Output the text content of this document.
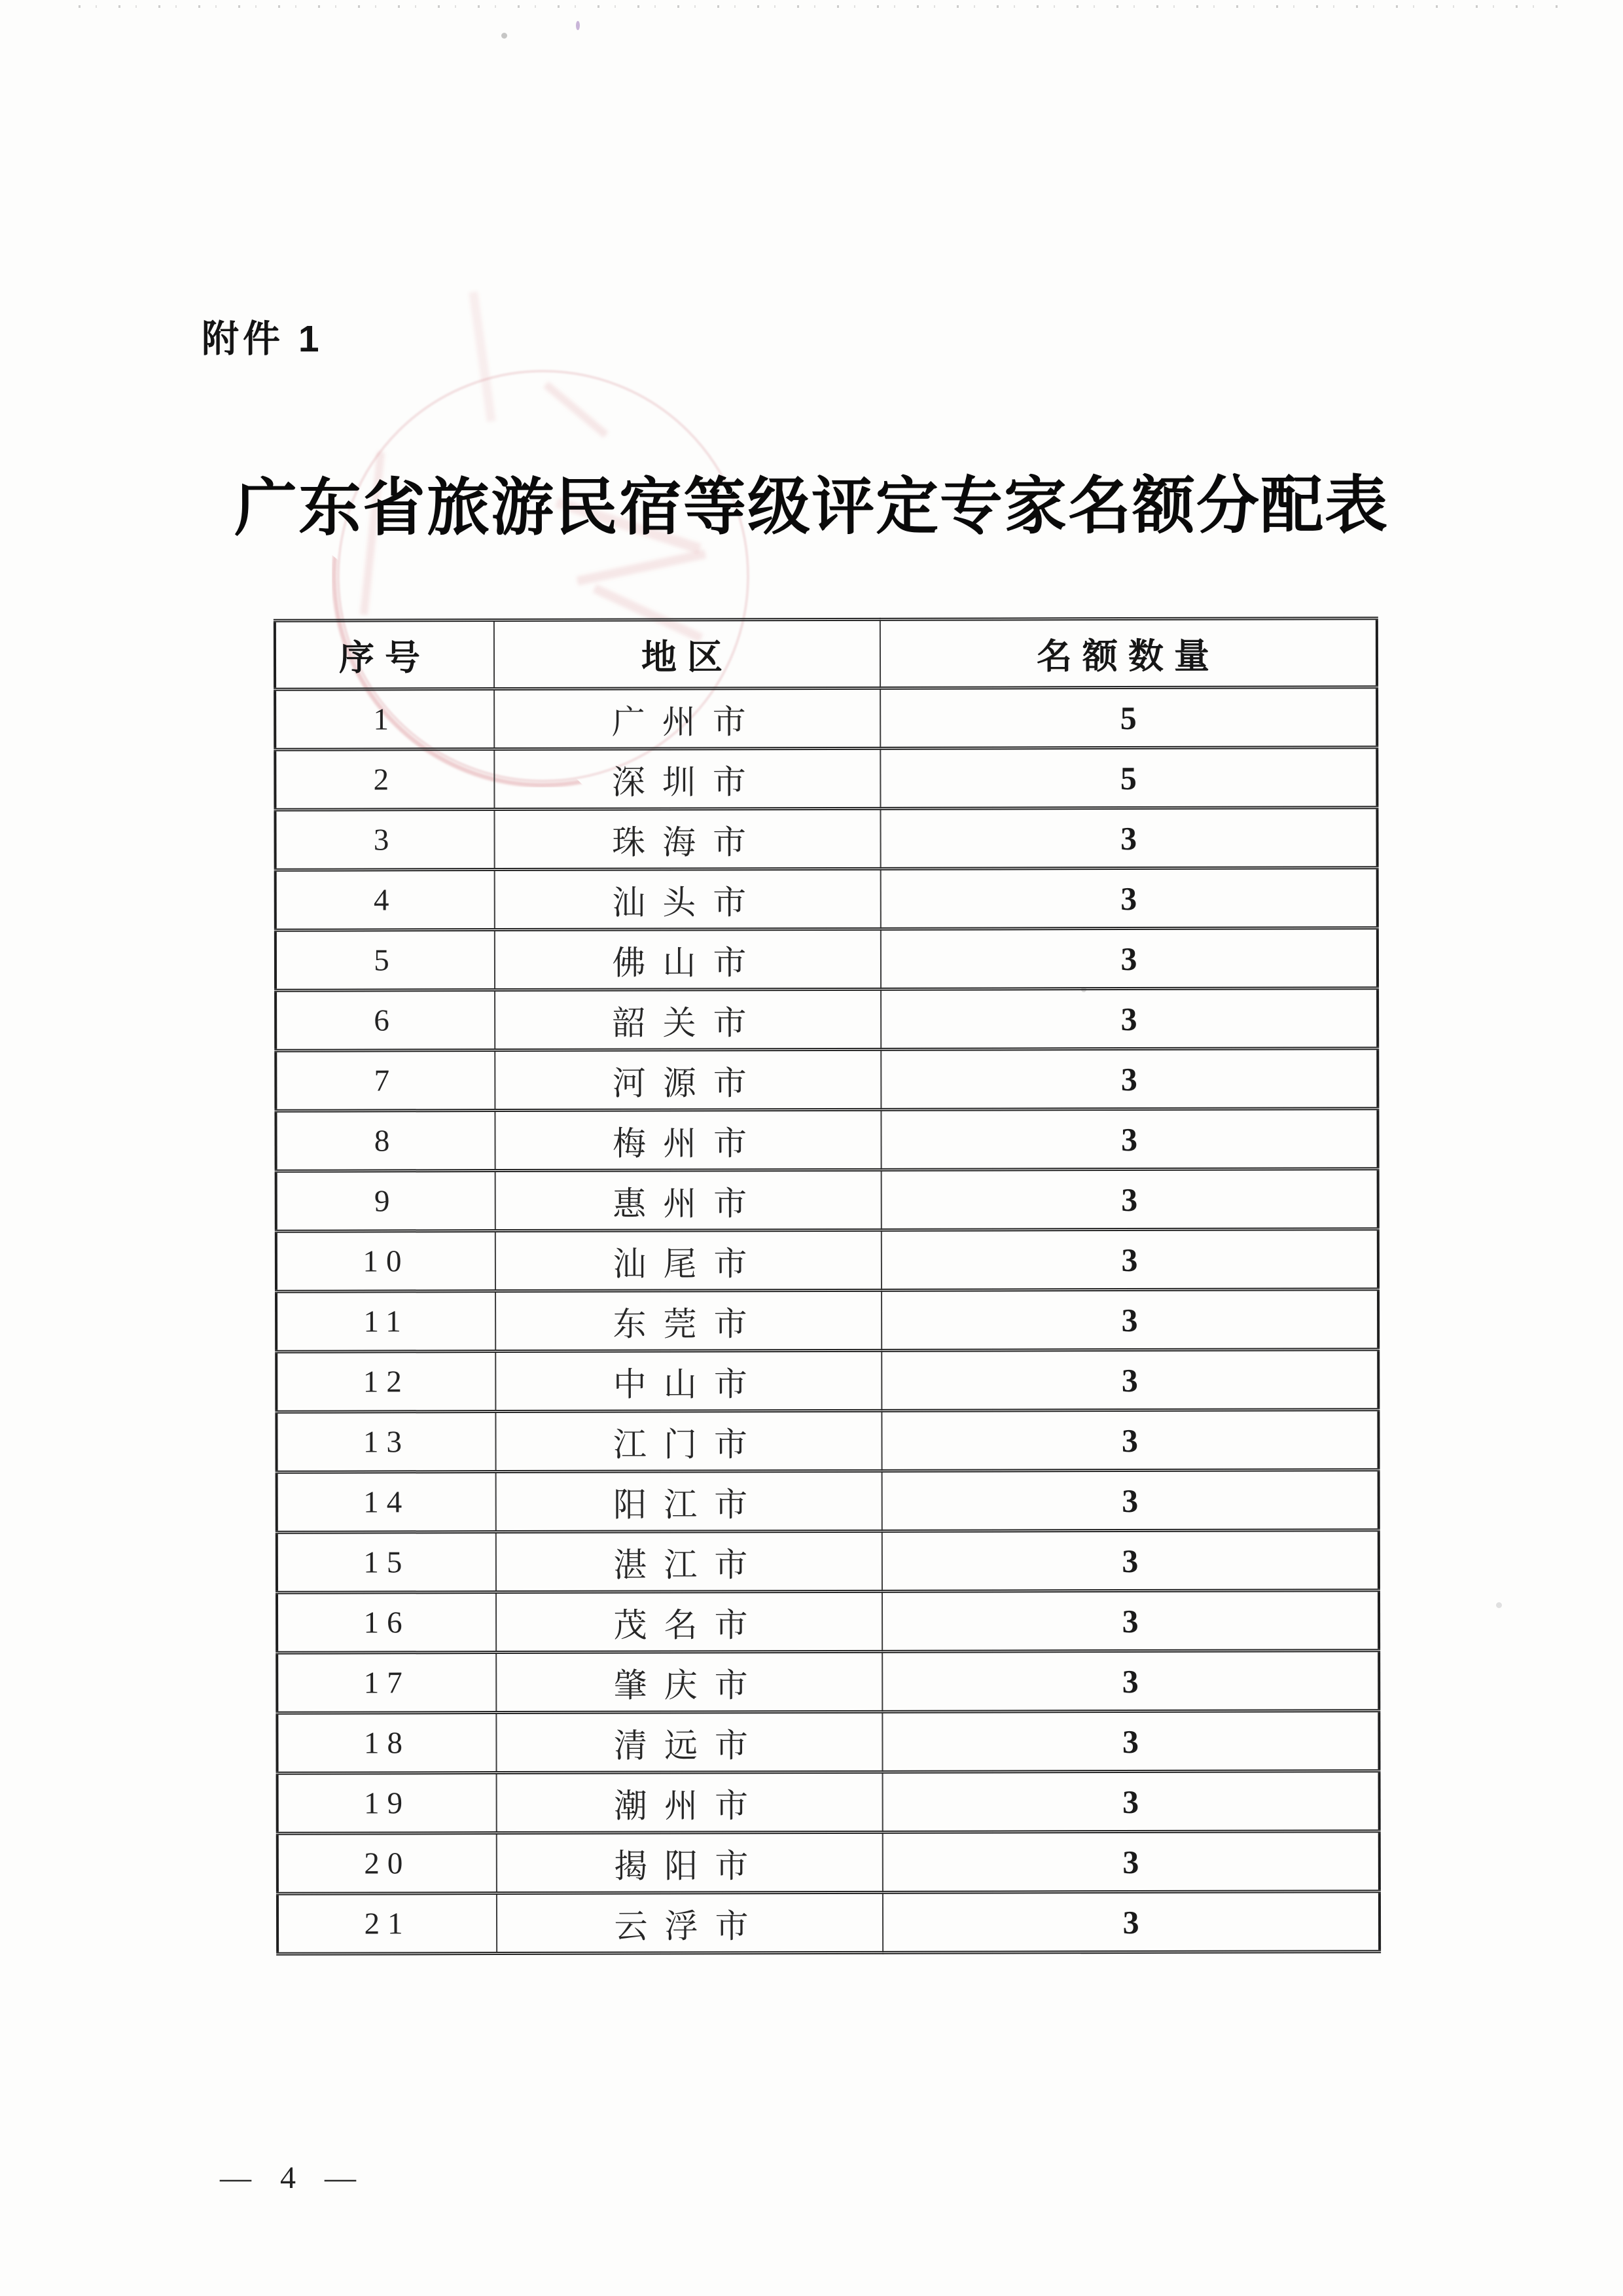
附件 1
广东省旅游民宿等级评定专家名额分配表
序号	地区	名额数量
1	广州市	5
2	深圳市	5
3	珠海市	3
4	汕头市	3
5	佛山市	3
6	韶关市	3
7	河源市	3
8	梅州市	3
9	惠州市	3
10	汕尾市	3
11	东莞市	3
12	中山市	3
13	江门市	3
14	阳江市	3
15	湛江市	3
16	茂名市	3
17	肇庆市	3
18	清远市	3
19	潮州市	3
20	揭阳市	3
21	云浮市	3
— 4 —
